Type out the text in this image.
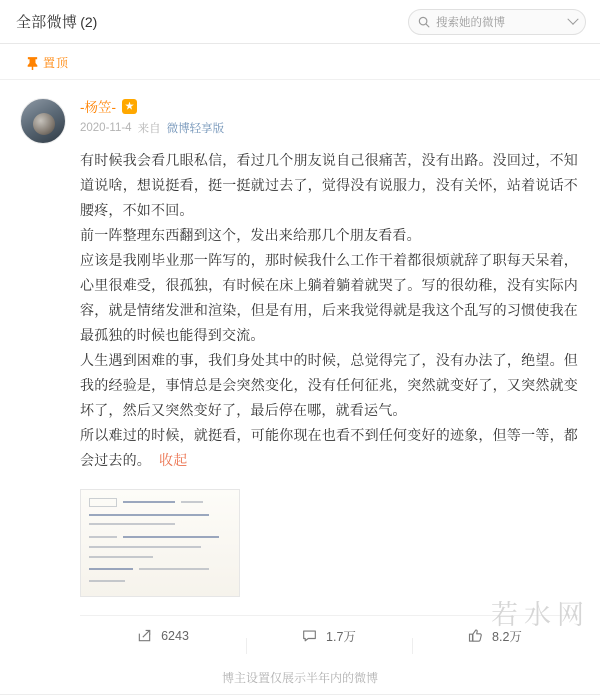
全部微博 (2)	搜索她的微博
置顶
-杨笠-
2020-11-4 来自 微博轻享版

有时候我会看几眼私信，看过几个朋友说自己很痛苦，没有出路。没回过，不知道说啥，想说挺看，挺一挺就过去了，觉得没有说服力，没有关怀，站着说话不腰疼，不如不回。

前一阵整理东西翻到这个，发出来给那几个朋友看看。

应该是我刚毕业那一阵写的，那时候我什么工作干着都很烦就辞了职每天呆着，心里很难受，很孤独，有时候在床上躺着躺着就哭了。写的很幼稚，没有实际内容，就是情绪发泄和渲染，但是有用，后来我觉得就是我这个乱写的习惯使我在最孤独的时候也能得到交流。

人生遇到困难的事，我们身处其中的时候，总觉得完了，没有办法了，绝望。但我的经验是，事情总是会突然变化，没有任何征兆，突然就变好了，又突然就变坏了，然后又突然变好了，最后停在哪，就看运气。

所以难过的时候，就挺看，可能你现在也看不到任何变好的迹象，但等一等，都会过去的。 收起

6243	1.7万	8.2万
博主设置仅展示半年内的微博
若水网
